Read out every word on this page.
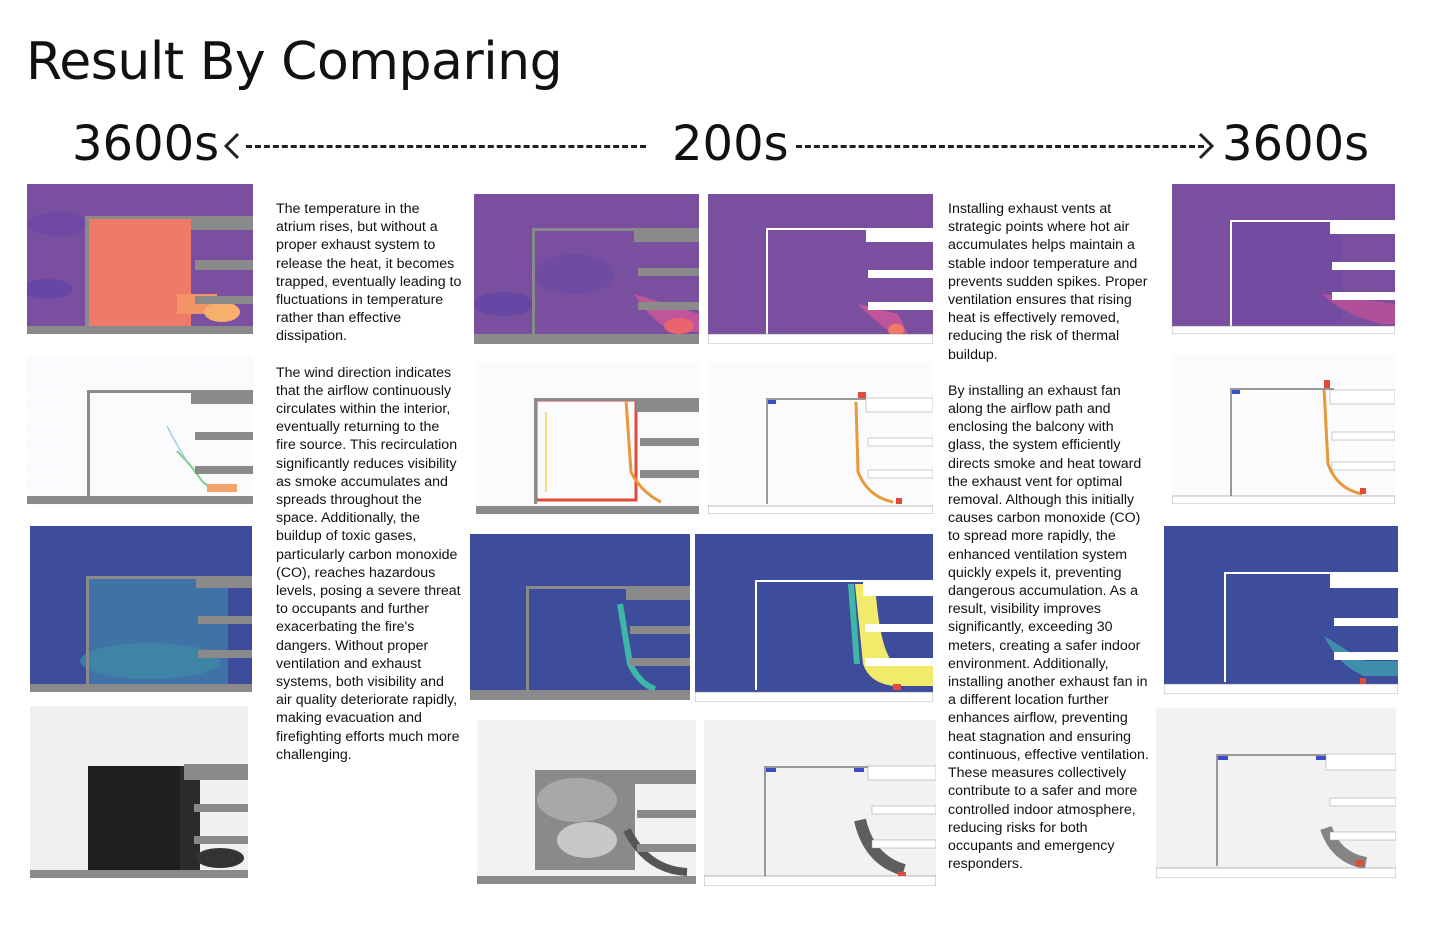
Result By Comparing
3600s	200s	3600s

The temperature in the atrium rises, but without a proper exhaust system to release the heat, it becomes trapped, eventually leading to fluctuations in temperature rather than effective dissipation.

The wind direction indicates that the airflow continuously circulates within the interior, eventually returning to the fire source. This recirculation significantly reduces visibility as smoke accumulates and spreads throughout the space. Additionally, the buildup of toxic gases, particularly carbon monoxide (CO), reaches hazardous levels, posing a severe threat to occupants and further exacerbating the fire's dangers. Without proper ventilation and exhaust systems, both visibility and air quality deteriorate rapidly, making evacuation and firefighting efforts much more challenging.

Installing exhaust vents at strategic points where hot air accumulates helps maintain a stable indoor temperature and prevents sudden spikes. Proper ventilation ensures that rising heat is effectively removed, reducing the risk of thermal buildup.

By installing an exhaust fan along the airflow path and enclosing the balcony with glass, the system efficiently directs smoke and heat toward the exhaust vent for optimal removal. Although this initially causes carbon monoxide (CO) to spread more rapidly, the enhanced ventilation system quickly expels it, preventing dangerous accumulation. As a result, visibility improves significantly, exceeding 30 meters, creating a safer indoor environment. Additionally, installing another exhaust fan in a different location further enhances airflow, preventing heat stagnation and ensuring continuous, effective ventilation. These measures collectively contribute to a safer and more controlled indoor atmosphere, reducing risks for both occupants and emergency responders.
